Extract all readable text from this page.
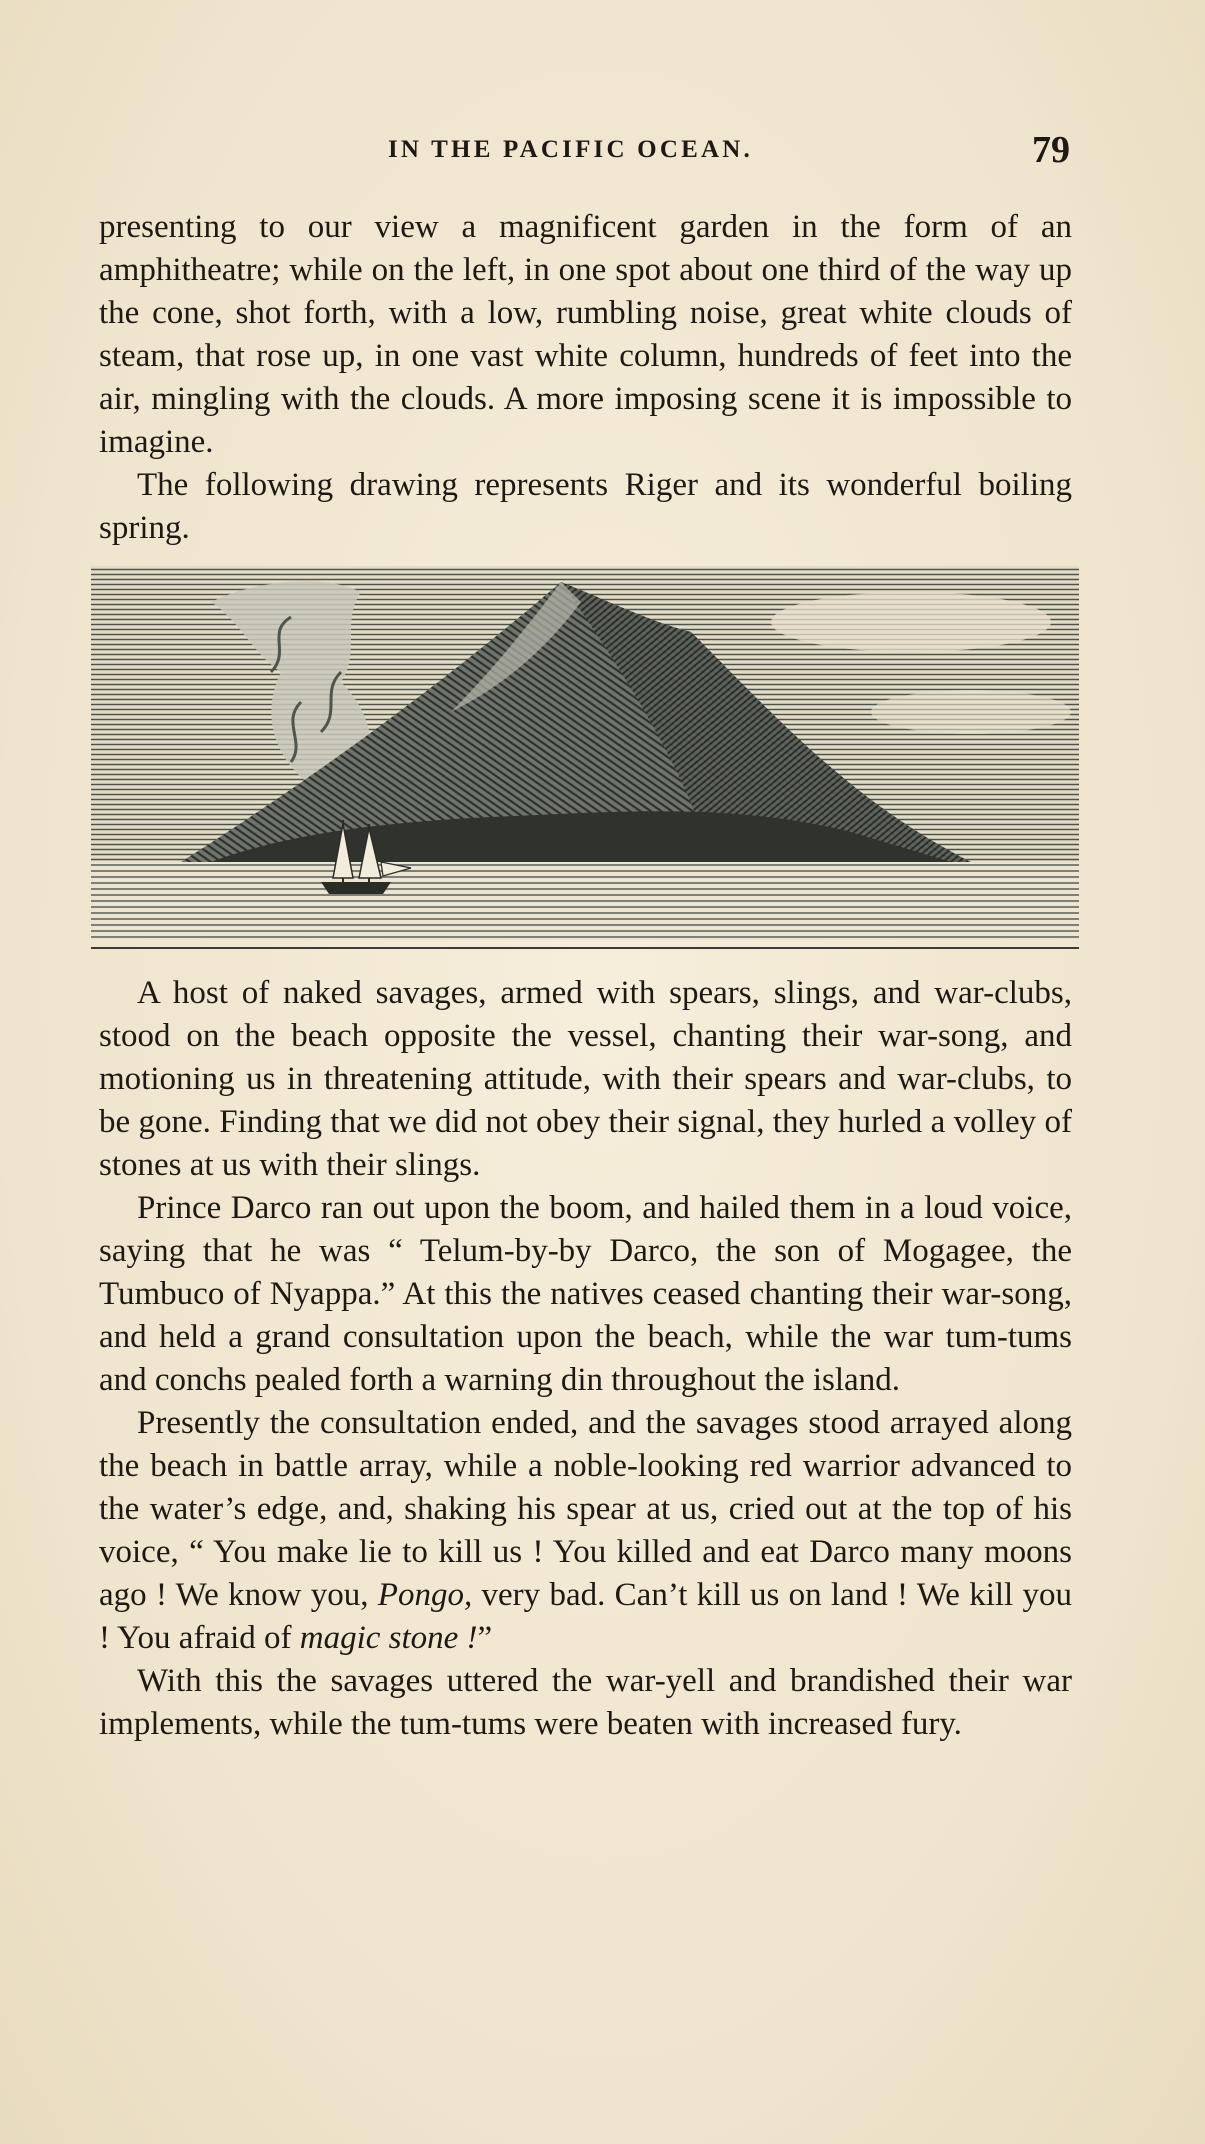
IN THE PACIFIC OCEAN.	79

presenting to our view a magnificent garden in the form of an amphitheatre; while on the left, in one spot about one third of the way up the cone, shot forth, with a low, rumbling noise, great white clouds of steam, that rose up, in one vast white column, hundreds of feet into the air, mingling with the clouds. A more imposing scene it is impossible to imagine.

The following drawing represents Riger and its wonderful boiling spring.

A host of naked savages, armed with spears, slings, and war-clubs, stood on the beach opposite the vessel, chanting their war-song, and motioning us in threatening attitude, with their spears and war-clubs, to be gone. Finding that we did not obey their signal, they hurled a volley of stones at us with their slings.

Prince Darco ran out upon the boom, and hailed them in a loud voice, saying that he was “ Telum-by-by Darco, the son of Mogagee, the Tumbuco of Nyappa.” At this the natives ceased chanting their war-song, and held a grand consultation upon the beach, while the war tum-tums and conchs pealed forth a warning din throughout the island.

Presently the consultation ended, and the savages stood arrayed along the beach in battle array, while a noble-looking red warrior advanced to the water’s edge, and, shaking his spear at us, cried out at the top of his voice, “ You make lie to kill us ! You killed and eat Darco many moons ago ! We know you, Pongo, very bad. Can’t kill us on land ! We kill you ! You afraid of magic stone !”

With this the savages uttered the war-yell and brandished their war implements, while the tum-tums were beaten with increased fury.
